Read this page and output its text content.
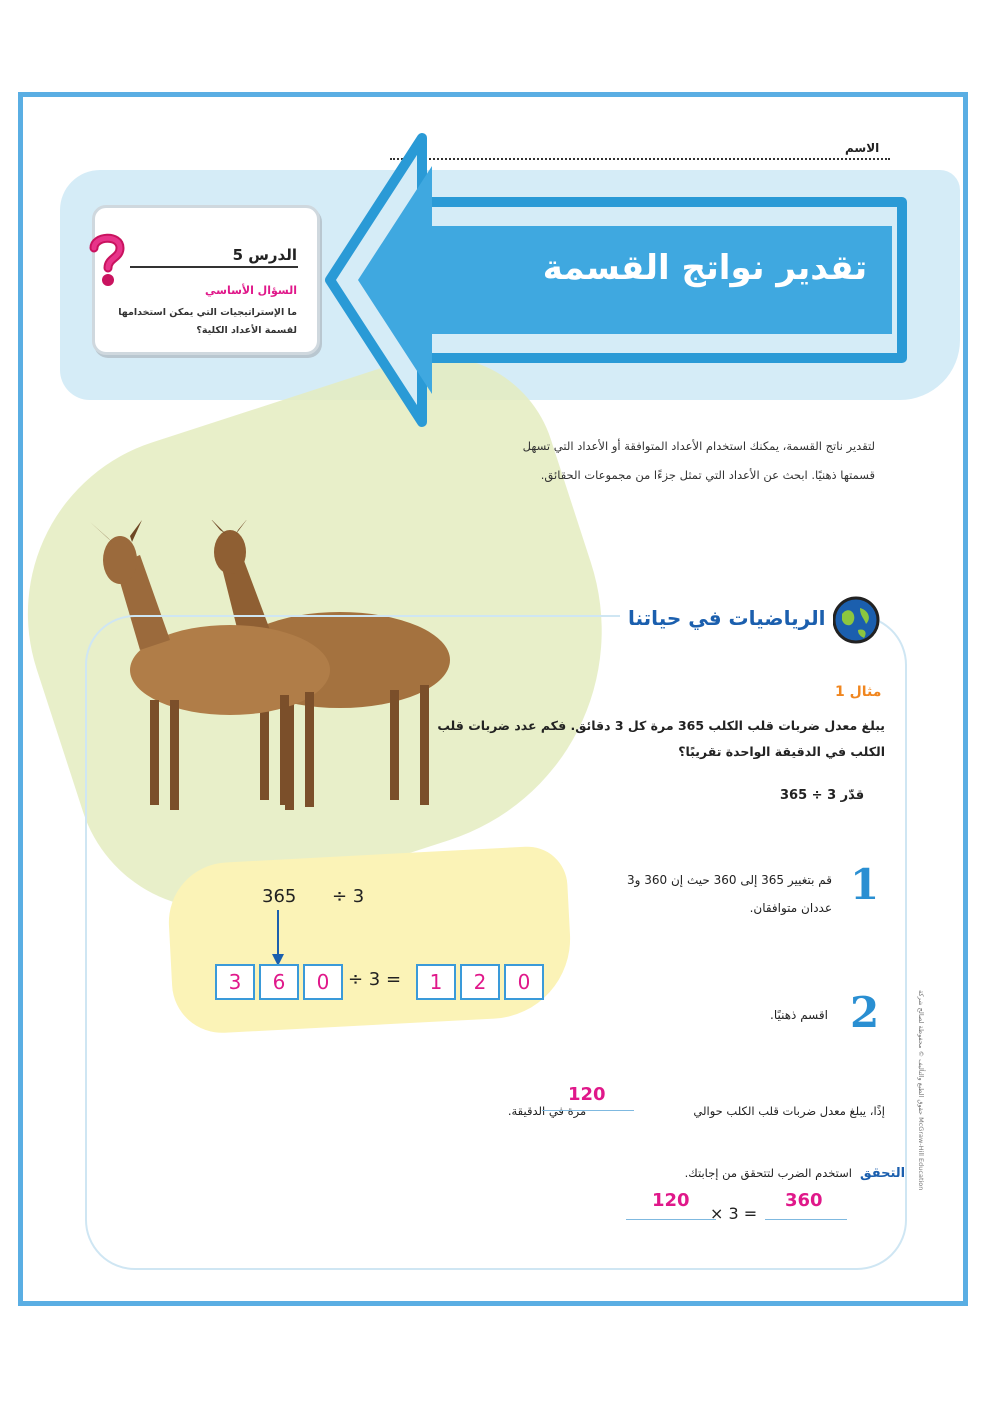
الاسم
تقدير نواتج القسمة
الدرس 5
السؤال الأساسي
ما الإستراتيجيات التي يمكن استخدامها لقسمة الأعداد الكلية؟
لتقدير ناتج القسمة، يمكنك استخدام الأعداد المتوافقة أو الأعداد التي تسهل قسمتها ذهنيًا. ابحث عن الأعداد التي تمثل جزءًا من مجموعات الحقائق.
الرياضيات في حياتنا
مثال 1
يبلغ معدل ضربات قلب الكلب 365 مرة كل 3 دقائق. فكم عدد ضربات قلب الكلب في الدقيقة الواحدة تقريبًا؟
قدّر 3 ÷ 365
1
قم بتغيير 365 إلى 360 حيث إن 360 و3 عددان متوافقان.
2
اقسم ذهنيًا.
365 ÷ 3
3	6	0	÷ 3 =	1	2	0
إذًا، يبلغ معدل ضربات قلب الكلب حوالي  مرة في الدقيقة.
120
التحقق
استخدم الضرب لتتحقق من إجابتك.
120
× 3 =
360
حقوق الطبع والتأليف © محفوظة لصالح شركة McGraw-Hill Education
